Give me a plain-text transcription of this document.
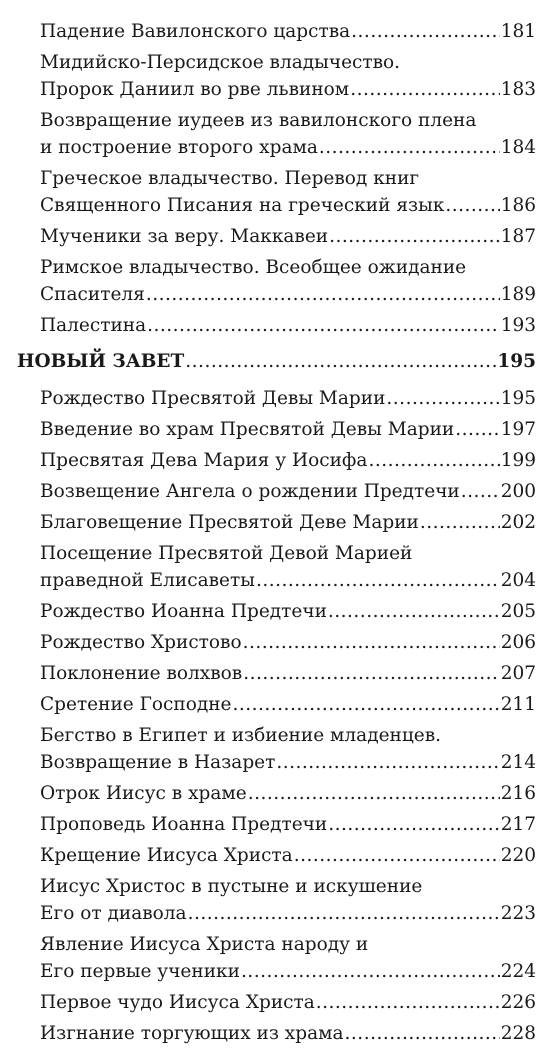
Падение Вавилонского царства .....	181
Мидийско-Персидское владычество.
Пророк Даниил во рве львином .....	183
Возвращение иудеев из вавилонского плена
и построение второго храма .....	184
Греческое владычество. Перевод книг
Священного Писания на греческий язык .....	186
Мученики за веру. Маккавеи .....	187
Римское владычество. Всеобщее ожидание
Спасителя .....	189
Палестина .....	193
НОВЫЙ ЗАВЕТ .....	195
Рождество Пресвятой Девы Марии .....	195
Введение во храм Пресвятой Девы Марии .....	197
Пресвятая Дева Мария у Иосифа .....	199
Возвещение Ангела о рождении Предтечи ..... 200
Благовещение Пресвятой Деве Марии .....	202
Посещение Пресвятой Девой Марией
праведной Елисаветы .....	204
Рождество Иоанна Предтечи .....	205
Рождество Христово .....	206
Поклонение волхвов .....	207
Сретение Господне .....	211
Бегство в Египет и избиение младенцев.
Возвращение в Назарет .....	214
Отрок Иисус в храме .....	216
Проповедь Иоанна Предтечи .....	217
Крещение Иисуса Христа .....	220
Иисус Христос в пустыне и искушение
Его от диавола .....	223
Явление Иисуса Христа народу и
Его первые ученики .....	224
Первое чудо Иисуса Христа .....	226
Изгнание торгующих из храма .....	228
